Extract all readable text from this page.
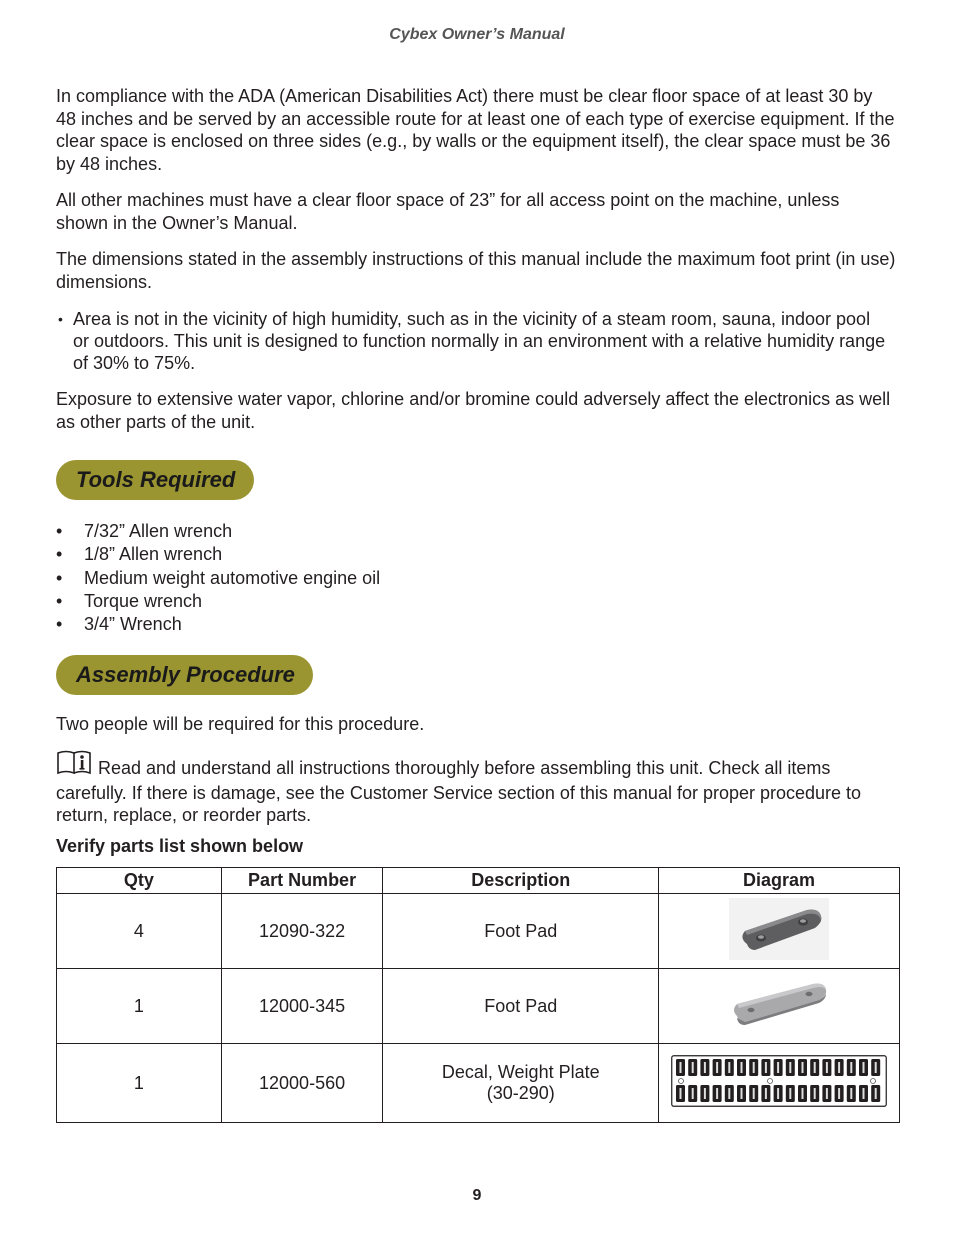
Cybex Owner’s Manual

In compliance with the ADA (American Disabilities Act) there must be clear floor space of at least 30 by 48 inches and be served by an accessible route for at least one of each type of exercise equipment. If the clear space is enclosed on three sides (e.g., by walls or the equipment itself), the clear space must be 36 by 48 inches.

All other machines must have a clear floor space of 23” for all access point on the machine, unless shown in the Owner’s Manual.

The dimensions stated in the assembly instructions of this manual include the maximum foot print (in use) dimensions.

• Area is not in the vicinity of high humidity, such as in the vicinity of a steam room, sauna, indoor pool or outdoors. This unit is designed to function normally in an environment with a relative humidity range of 30% to 75%.

Exposure to extensive water vapor, chlorine and/or bromine could adversely affect the electronics as well as other parts of the unit.

Tools Required
• 7/32” Allen wrench
• 1/8” Allen wrench
• Medium weight automotive engine oil
• Torque wrench
• 3/4” Wrench
Assembly Procedure

Two people will be required for this procedure.

Read and understand all instructions thoroughly before assembling this unit. Check all items carefully. If there is damage, see the Customer Service section of this manual for proper procedure to return, replace, or reorder parts.
Verify parts list shown below
Qty	Part Number	Description	Diagram
4	12090-322	Foot Pad	
1	12000-345	Foot Pad	
1	12000-560	Decal, Weight Plate
(30-290)

9
